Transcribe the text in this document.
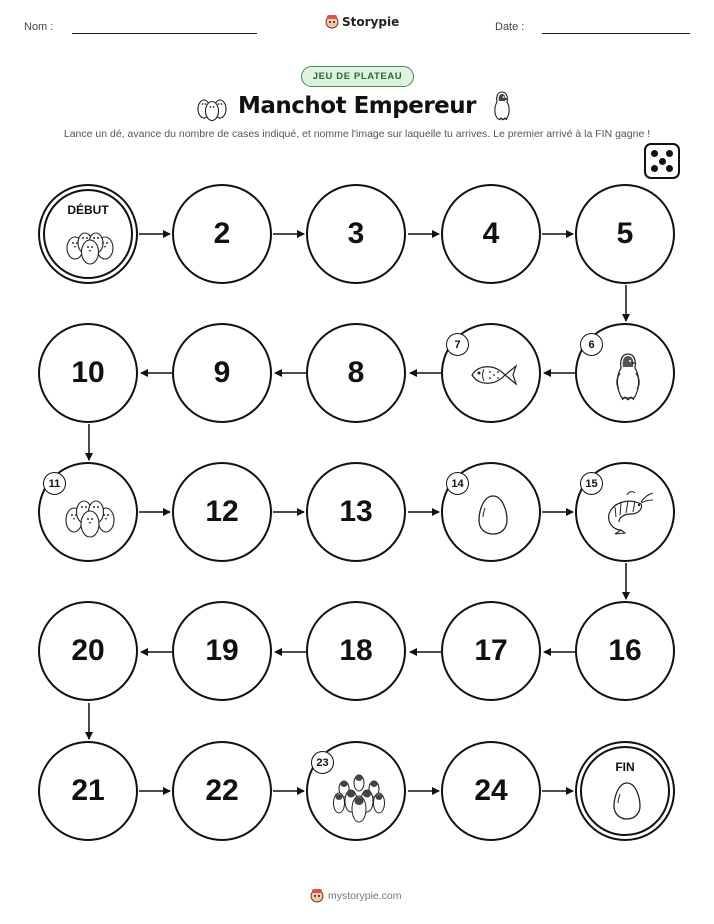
Nom :	Storypie	Date :
JEU DE PLATEAU
Manchot Empereur
Lance un dé, avance du nombre de cases indiqué, et nomme l'image sur laquelle tu arrives. Le premier arrivé à la FIN gagne !
DÉBUT
2	3	4	5
10	9	8
7	6
11
12	13
14	15
20	19	18	17	16
21	22
23
24
FIN
mystorypie.com
